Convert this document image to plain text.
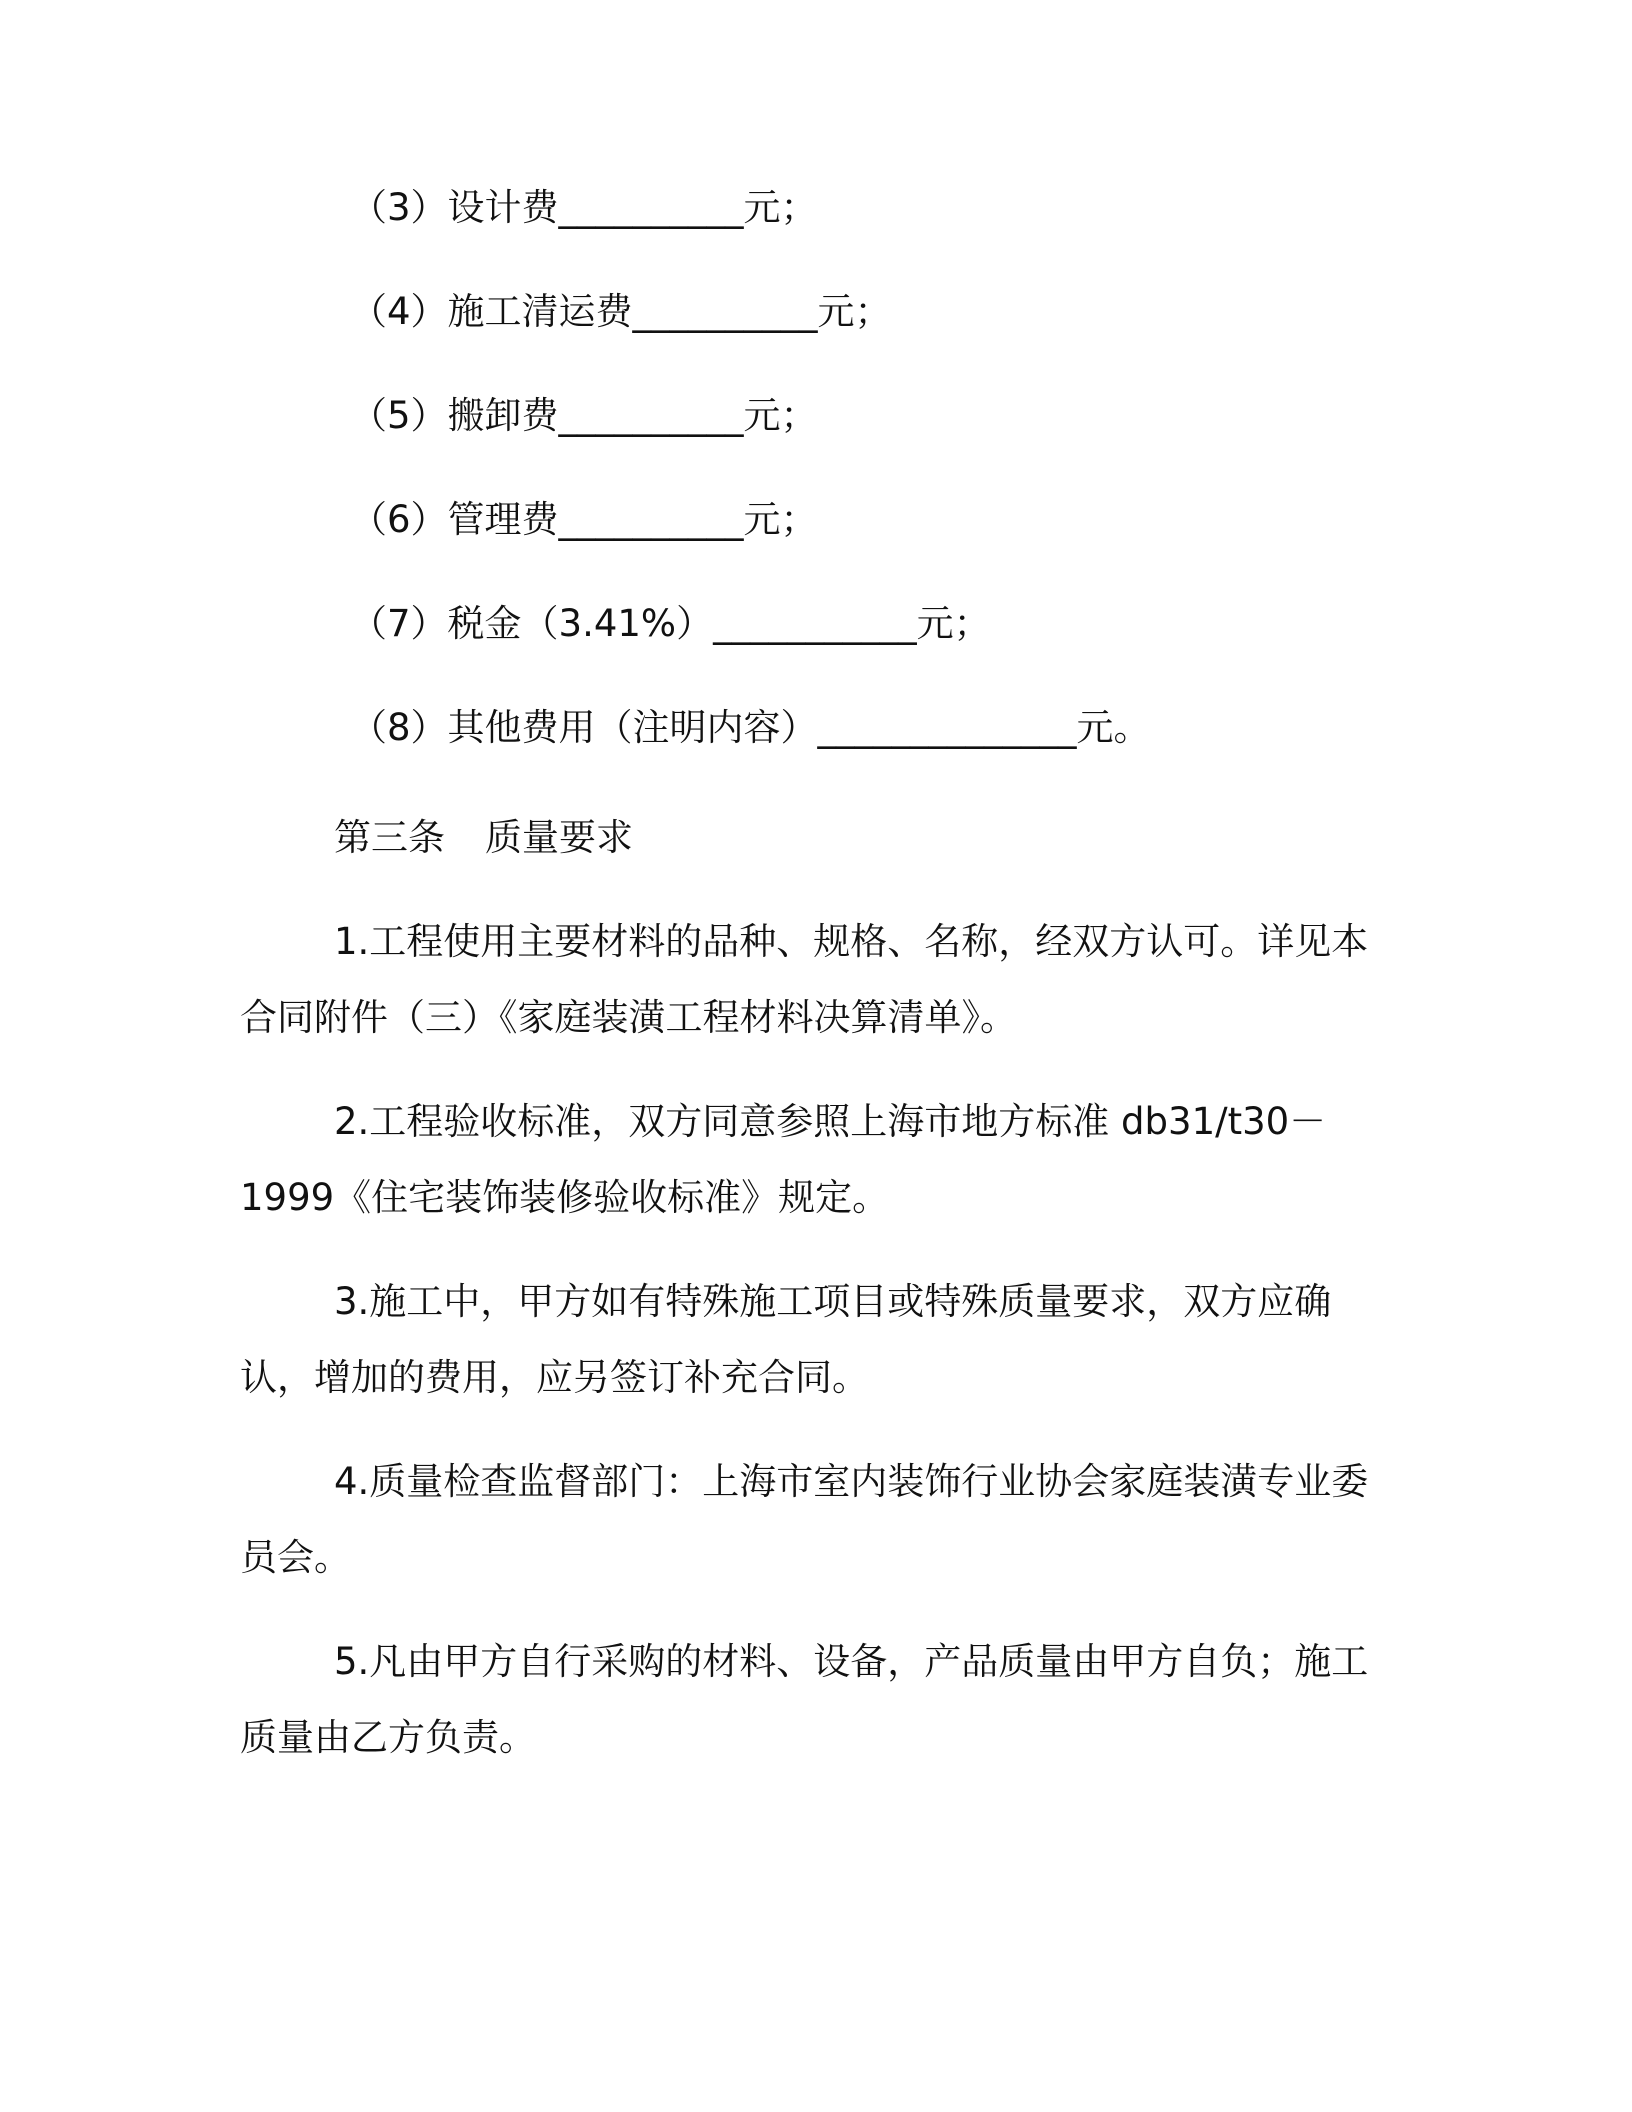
（3）设计费__________元；
（4）施工清运费__________元；
（5）搬卸费__________元；
（6）管理费__________元；
（7）税金（3.41%）___________元；
（8）其他费用（注明内容）______________元。
第三条 质量要求

1.工程使用主要材料的品种、规格、名称，经双方认可。详见本合同附件（三）《家庭装潢工程材料决算清单》。

2.工程验收标准，双方同意参照上海市地方标准 db31/t30－1999《住宅装饰装修验收标准》规定。

3.施工中，甲方如有特殊施工项目或特殊质量要求，双方应确认，增加的费用，应另签订补充合同。

4.质量检查监督部门：上海市室内装饰行业协会家庭装潢专业委员会。

5.凡由甲方自行采购的材料、设备，产品质量由甲方自负；施工质量由乙方负责。
